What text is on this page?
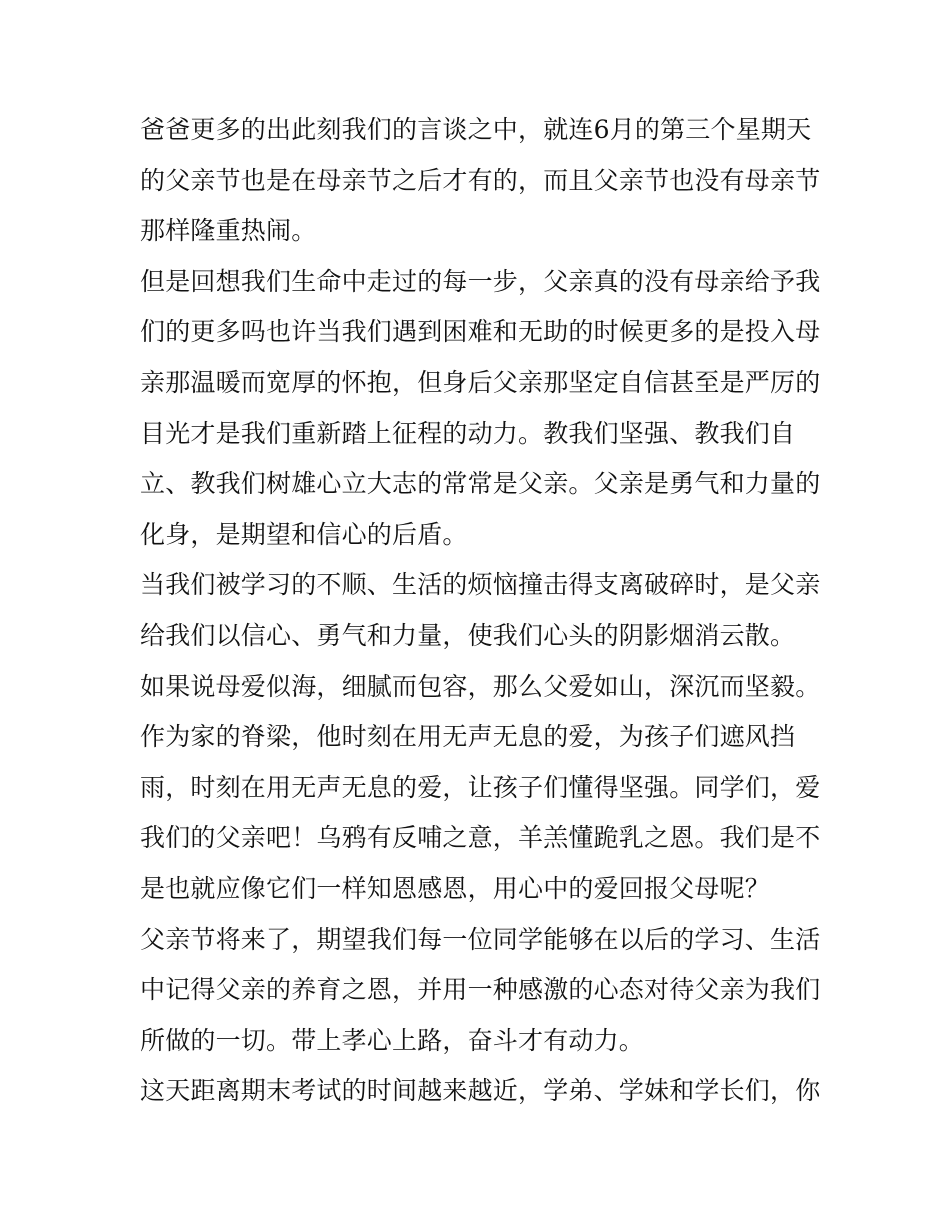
爸爸更多的出此刻我们的言谈之中，就连6月的第三个星期天
的父亲节也是在母亲节之后才有的，而且父亲节也没有母亲节
那样隆重热闹。
但是回想我们生命中走过的每一步，父亲真的没有母亲给予我
们的更多吗也许当我们遇到困难和无助的时候更多的是投入母
亲那温暖而宽厚的怀抱，但身后父亲那坚定自信甚至是严厉的
目光才是我们重新踏上征程的动力。教我们坚强、教我们自
立、教我们树雄心立大志的常常是父亲。父亲是勇气和力量的
化身，是期望和信心的后盾。
当我们被学习的不顺、生活的烦恼撞击得支离破碎时，是父亲
给我们以信心、勇气和力量，使我们心头的阴影烟消云散。
如果说母爱似海，细腻而包容，那么父爱如山，深沉而坚毅。
作为家的脊梁，他时刻在用无声无息的爱，为孩子们遮风挡
雨，时刻在用无声无息的爱，让孩子们懂得坚强。同学们，爱
我们的父亲吧！乌鸦有反哺之意，羊羔懂跪乳之恩。我们是不
是也就应像它们一样知恩感恩，用心中的爱回报父母呢？
父亲节将来了，期望我们每一位同学能够在以后的学习、生活
中记得父亲的养育之恩，并用一种感激的心态对待父亲为我们
所做的一切。带上孝心上路，奋斗才有动力。
这天距离期末考试的时间越来越近，学弟、学妹和学长们，你
